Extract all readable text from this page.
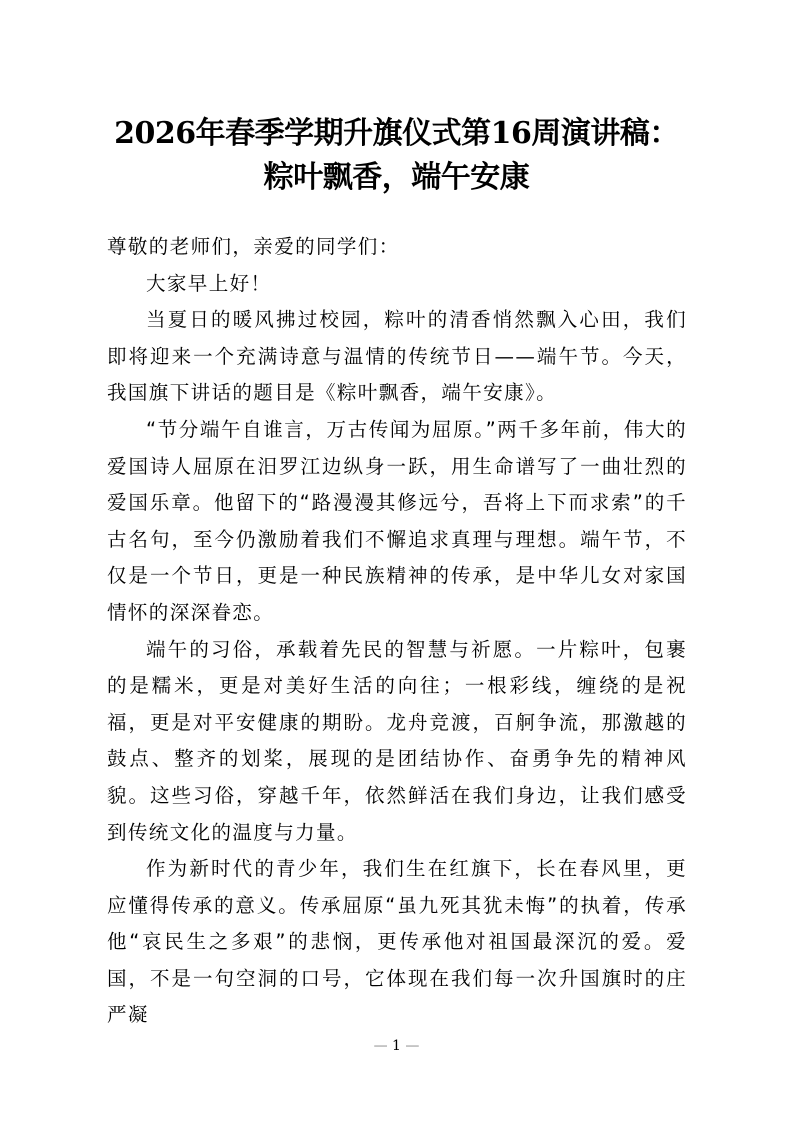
2026年春季学期升旗仪式第16周演讲稿：
粽叶飘香，端午安康

尊敬的老师们，亲爱的同学们：

大家早上好！

当夏日的暖风拂过校园，粽叶的清香悄然飘入心田，我们即将迎来一个充满诗意与温情的传统节日——端午节。今天，我国旗下讲话的题目是《粽叶飘香，端午安康》。

“节分端午自谁言，万古传闻为屈原。”两千多年前，伟大的爱国诗人屈原在汨罗江边纵身一跃，用生命谱写了一曲壮烈的爱国乐章。他留下的“路漫漫其修远兮，吾将上下而求索”的千古名句，至今仍激励着我们不懈追求真理与理想。端午节，不仅是一个节日，更是一种民族精神的传承，是中华儿女对家国情怀的深深眷恋。

端午的习俗，承载着先民的智慧与祈愿。一片粽叶，包裹的是糯米，更是对美好生活的向往；一根彩线，缠绕的是祝福，更是对平安健康的期盼。龙舟竞渡，百舸争流，那激越的鼓点、整齐的划桨，展现的是团结协作、奋勇争先的精神风貌。这些习俗，穿越千年，依然鲜活在我们身边，让我们感受到传统文化的温度与力量。

作为新时代的青少年，我们生在红旗下，长在春风里，更应懂得传承的意义。传承屈原“虽九死其犹未悔”的执着，传承他“哀民生之多艰”的悲悯，更传承他对祖国最深沉的爱。爱国，不是一句空洞的口号，它体现在我们每一次升国旗时的庄严凝

— 1 —
